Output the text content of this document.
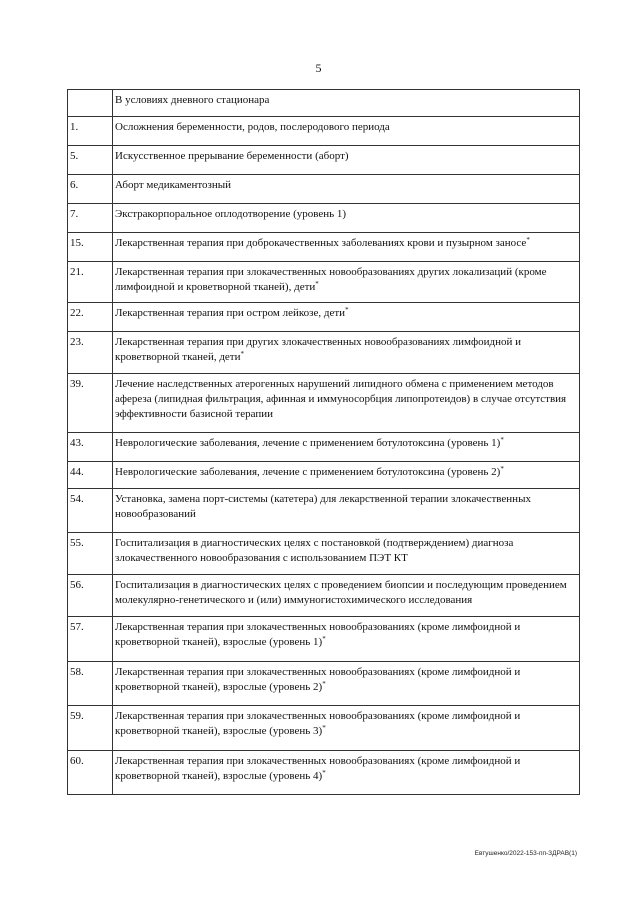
5
	В условиях дневного стационара
1.	Осложнения беременности, родов, послеродового периода
5.	Искусственное прерывание беременности (аборт)
6.	Аборт медикаментозный
7.	Экстракорпоральное оплодотворение (уровень 1)
15.	Лекарственная терапия при доброкачественных заболеваниях крови и пузырном заносе*
21.	Лекарственная терапия при злокачественных новообразованиях других локализаций (кроме лимфоидной и кроветворной тканей), дети*
22.	Лекарственная терапия при остром лейкозе, дети*
23.	Лекарственная терапия при других злокачественных новообразованиях лимфоидной и кроветворной тканей, дети*
39.	Лечение наследственных атерогенных нарушений липидного обмена с применением методов афереза (липидная фильтрация, афинная и иммуносорбция липопротеидов) в случае отсутствия эффективности базисной терапии
43.	Неврологические заболевания, лечение с применением ботулотоксина (уровень 1)*
44.	Неврологические заболевания, лечение с применением ботулотоксина (уровень 2)*
54.	Установка, замена порт-системы (катетера) для лекарственной терапии злокачественных новообразований
55.	Госпитализация в диагностических целях с постановкой (подтверждением) диагноза злокачественного новообразования с использованием ПЭТ КТ
56.	Госпитализация в диагностических целях с проведением биопсии и последующим проведением молекулярно-генетического и (или) иммуногистохимического исследования
57.	Лекарственная терапия при злокачественных новообразованиях (кроме лимфоидной и кроветворной тканей), взрослые (уровень 1)*
58.	Лекарственная терапия при злокачественных новообразованиях (кроме лимфоидной и кроветворной тканей), взрослые (уровень 2)*
59.	Лекарственная терапия при злокачественных новообразованиях (кроме лимфоидной и кроветворной тканей), взрослые (уровень 3)*
60.	Лекарственная терапия при злокачественных новообразованиях (кроме лимфоидной и кроветворной тканей), взрослые (уровень 4)*
Евтушенко/2022-153-пп-ЗДРАВ(1)
